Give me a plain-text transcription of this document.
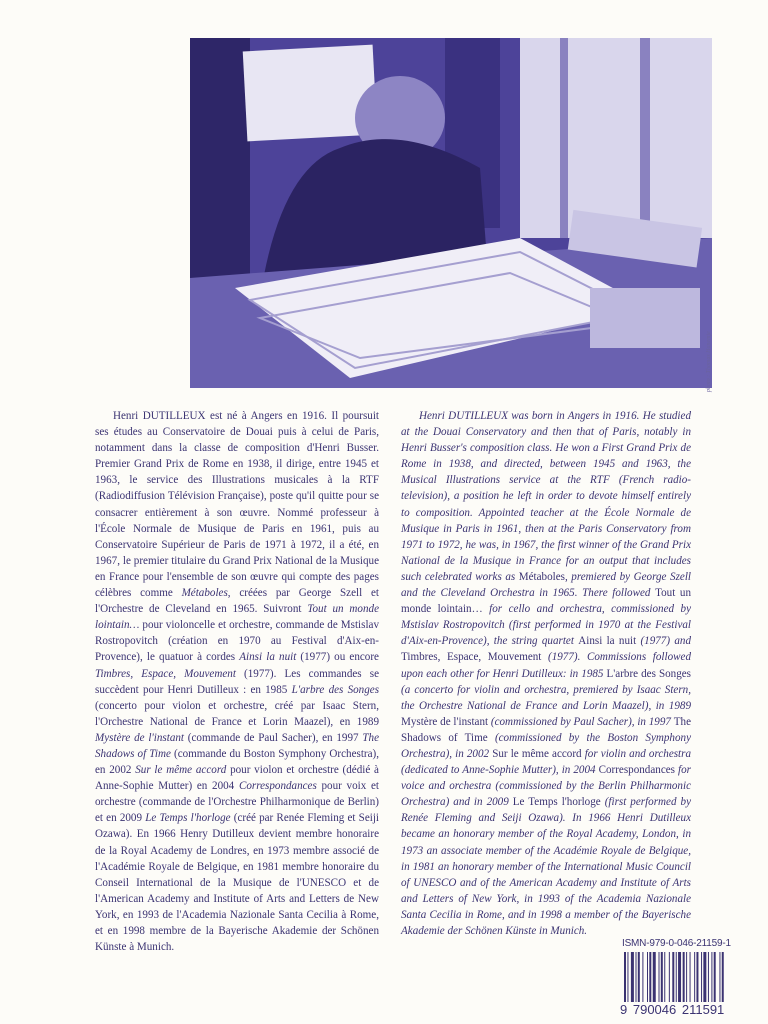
photo : Thomas Hanemje

Henri DUTILLEUX est né à Angers en 1916. Il poursuit ses études au Conservatoire de Douai puis à celui de Paris, notamment dans la classe de composition d'Henri Busser. Premier Grand Prix de Rome en 1938, il dirige, entre 1945 et 1963, le service des Illustrations musicales à la RTF (Radiodiffusion Télévision Française), poste qu'il quitte pour se consacrer entièrement à son œuvre. Nommé professeur à l'École Normale de Musique de Paris en 1961, puis au Conservatoire Supérieur de Paris de 1971 à 1972, il a été, en 1967, le premier titulaire du Grand Prix National de la Musique en France pour l'ensemble de son œuvre qui compte des pages célèbres comme Métaboles, créées par George Szell et l'Orchestre de Cleveland en 1965. Suivront Tout un monde lointain… pour violoncelle et orchestre, commande de Mstislav Rostropovitch (création en 1970 au Festival d'Aix-en-Provence), le quatuor à cordes Ainsi la nuit (1977) ou encore Timbres, Espace, Mouvement (1977). Les commandes se succèdent pour Henri Dutilleux : en 1985 L'arbre des Songes (concerto pour violon et orchestre, créé par Isaac Stern, l'Orchestre National de France et Lorin Maazel), en 1989 Mystère de l'instant (commande de Paul Sacher), en 1997 The Shadows of Time (commande du Boston Symphony Orchestra), en 2002 Sur le même accord pour violon et orchestre (dédié à Anne-Sophie Mutter) en 2004 Correspondances pour voix et orchestre (commande de l'Orchestre Philharmonique de Berlin) et en 2009 Le Temps l'horloge (créé par Renée Fleming et Seiji Ozawa). En 1966 Henry Dutilleux devient membre honoraire de la Royal Academy de Londres, en 1973 membre associé de l'Académie Royale de Belgique, en 1981 membre honoraire du Conseil International de la Musique de l'UNESCO et de l'American Academy and Institute of Arts and Letters de New York, en 1993 de l'Academia Nazionale Santa Cecilia à Rome, et en 1998 membre de la Bayerische Akademie der Schönen Künste à Munich.

Henri DUTILLEUX was born in Angers in 1916. He studied at the Douai Conservatory and then that of Paris, notably in Henri Busser's composition class. He won a First Grand Prix de Rome in 1938, and directed, between 1945 and 1963, the Musical Illustrations service at the RTF (French radio-television), a position he left in order to devote himself entirely to composition. Appointed teacher at the École Normale de Musique in Paris in 1961, then at the Paris Conservatory from 1971 to 1972, he was, in 1967, the first winner of the Grand Prix National de la Musique in France for an output that includes such celebrated works as Métaboles, premiered by George Szell and the Cleveland Orchestra in 1965. There followed Tout un monde lointain… for cello and orchestra, commissioned by Mstislav Rostropovitch (first performed in 1970 at the Festival d'Aix-en-Provence), the string quartet Ainsi la nuit (1977) and Timbres, Espace, Mouvement (1977). Commissions followed upon each other for Henri Dutilleux: in 1985 L'arbre des Songes (a concerto for violin and orchestra, premiered by Isaac Stern, the Orchestre National de France and Lorin Maazel), in 1989 Mystère de l'instant (commissioned by Paul Sacher), in 1997 The Shadows of Time (commissioned by the Boston Symphony Orchestra), in 2002 Sur le même accord for violin and orchestra (dedicated to Anne-Sophie Mutter), in 2004 Correspondances for voice and orchestra (commissioned by the Berlin Philharmonic Orchestra) and in 2009 Le Temps l'horloge (first performed by Renée Fleming and Seiji Ozawa). In 1966 Henri Dutilleux became an honorary member of the Royal Academy, London, in 1973 an associate member of the Académie Royale de Belgique, in 1981 an honorary member of the International Music Council of UNESCO and of the American Academy and Institute of Arts and Letters of New York, in 1993 of the Academia Nazionale Santa Cecilia in Rome, and in 1998 a member of the Bayerische Akademie der Schönen Künste in Munich.

ISMN-979-0-046-21159-1
9 790046 211591
